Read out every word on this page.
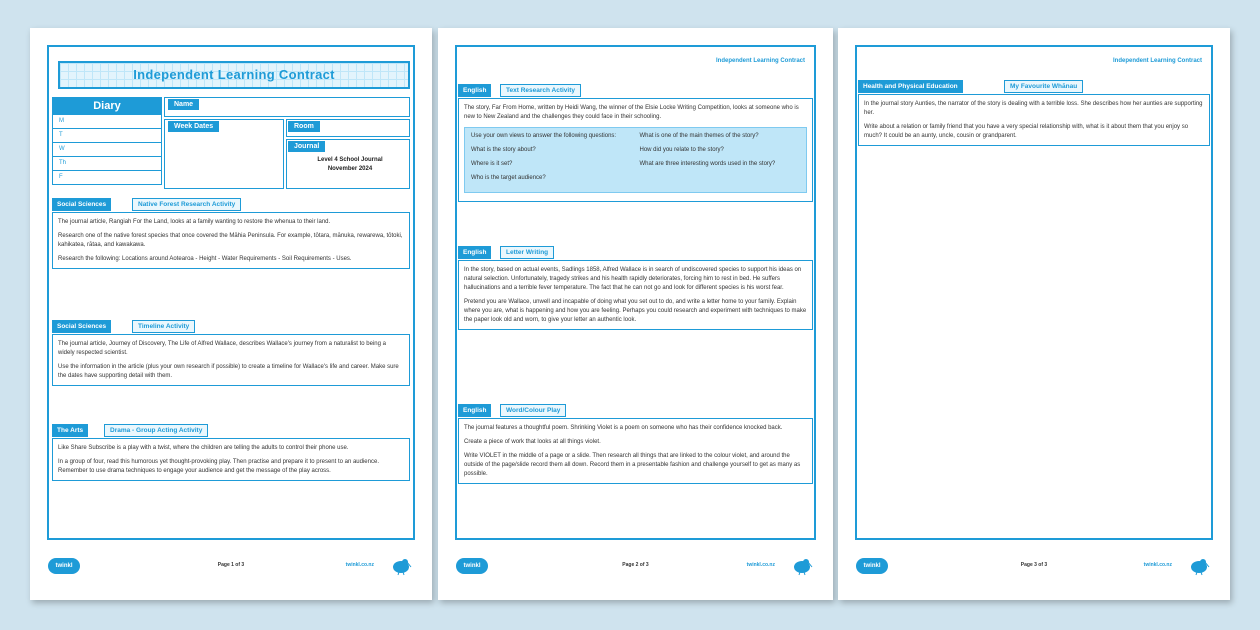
Independent Learning Contract
Diary
M
T
W
Th
F
Name
Week Dates	Room
Journal
Level 4 School Journal
November 2024
Social Sciences	Native Forest Research Activity

The journal article, Rangiah For the Land, looks at a family wanting to restore the whenua to their land.

Research one of the native forest species that once covered the Māhia Peninsula. For example, tōtara, mānuka, rewarewa, tōtoki, kahikatea, rātaa, and kawakawa.

Research the following: Locations around Aotearoa - Height - Water Requirements - Soil Requirements - Uses.

Social Sciences	Timeline Activity

The journal article, Journey of Discovery, The Life of Alfred Wallace, describes Wallace's journey from a naturalist to being a widely respected scientist.

Use the information in the article (plus your own research if possible) to create a timeline for Wallace's life and career. Make sure the dates have supporting detail with them.

The Arts	Drama - Group Acting Activity

Like Share Subscribe is a play with a twist, where the children are telling the adults to control their phone use.

In a group of four, read this humorous yet thought-provoking play. Then practise and prepare it to present to an audience. Remember to use drama techniques to engage your audience and get the message of the play across.

twinkl	Page 1 of 3	twinkl.co.nz
Independent Learning Contract
English	Text Research Activity

The story, Far From Home, written by Heidi Wang, the winner of the Elsie Locke Writing Competition, looks at someone who is new to New Zealand and the challenges they could face in their schooling.

Use your own views to answer the following questions:
What is the story about?
Where is it set?
Who is the target audience?
What is one of the main themes of the story?
How did you relate to the story?
What are three interesting words used in the story?
English	Letter Writing

In the story, based on actual events, Sadlings 1858, Alfred Wallace is in search of undiscovered species to support his ideas on natural selection. Unfortunately, tragedy strikes and his health rapidly deteriorates, forcing him to rest in bed. He suffers hallucinations and a terrible fever temperature. The fact that he can not go and look for different species is his worst fear.

Pretend you are Wallace, unwell and incapable of doing what you set out to do, and write a letter home to your family. Explain where you are, what is happening and how you are feeling. Perhaps you could research and experiment with techniques to make the paper look old and worn, to give your letter an authentic look.

English	Word/Colour Play

The journal features a thoughtful poem. Shrinking Violet is a poem on someone who has their confidence knocked back.

Create a piece of work that looks at all things violet.

Write VIOLET in the middle of a page or a slide. Then research all things that are linked to the colour violet, and around the outside of the page/slide record them all down. Record them in a presentable fashion and challenge yourself to get as many as possible.

twinkl	Page 2 of 3	twinkl.co.nz
Independent Learning Contract
Health and Physical Education	My Favourite Whānau

In the journal story Aunties, the narrator of the story is dealing with a terrible loss. She describes how her aunties are supporting her.

Write about a relation or family friend that you have a very special relationship with, what is it about them that you enjoy so much? It could be an aunty, uncle, cousin or grandparent.

twinkl	Page 3 of 3	twinkl.co.nz
